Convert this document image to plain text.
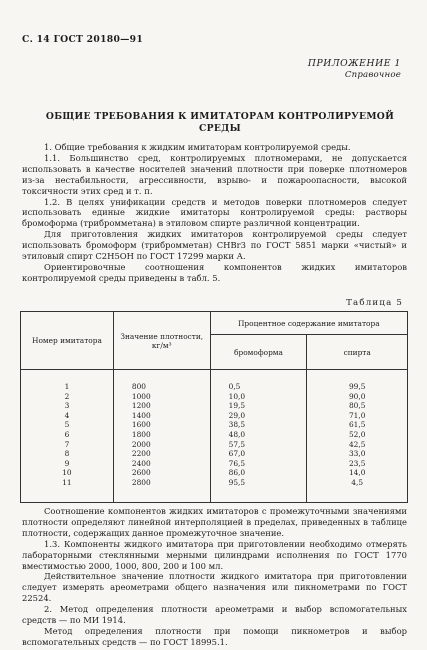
С. 14 ГОСТ 20180—91
ПРИЛОЖЕНИЕ 1
Справочное
ОБЩИЕ ТРЕБОВАНИЯ К ИМИТАТОРАМ КОНТРОЛИРУЕМОЙ
СРЕДЫ

1. Общие требования к жидким имитаторам контролируемой среды.

1.1. Большинство сред, контролируемых плотномерами, не допускается использовать в качестве носителей значений плотности при поверке плотномеров из-за нестабильности, агрессивности, взрыво- и пожароопасности, высокой токсичности этих сред и т. п.

1.2. В целях унификации средств и методов поверки плотномеров следует использовать единые жидкие имитаторы контролируемой среды: растворы бромоформа (трибромметана) в этиловом спирте различной концентрации.

Для приготовления жидких имитаторов контролируемой среды следует использовать бромоформ (трибромметан) CHBr3 по ГОСТ 5851 марки «чистый» и этиловый спирт C2H5OH по ГОСТ 17299 марки А.

Ориентировочные соотношения компонентов жидких имитаторов контролируемой среды приведены в табл. 5.

Таблица 5
Номер имитатора	Значение плотности, кг/м³	Процентное содержание имитатора	
		бромоформа	спирта
1	800	0,5	99,5
2	1000	10,0	90,0
3	1200	19,5	80,5
4	1400	29,0	71,0
5	1600	38,5	61,5
6	1800	48,0	52,0
7	2000	57,5	42,5
8	2200	67,0	33,0
9	2400	76,5	23,5
10	2600	86,0	14,0
11	2800	95,5	4,5

Соотношение компонентов жидких имитаторов с промежуточными значениями плотности определяют линейной интерполяцией в пределах, приведенных в таблице плотности, содержащих данное промежуточное значение.

1.3. Компоненты жидкого имитатора при приготовлении необходимо отмерять лабораторными стеклянными мерными цилиндрами исполнения по ГОСТ 1770 вместимостью 2000, 1000, 800, 200 и 100 мл.

Действительное значение плотности жидкого имитатора при приготовлении следует измерять ареометрами общего назначения или пикнометрами по ГОСТ 22524.

2. Метод определения плотности ареометрами и выбор вспомогательных средств — по МИ 1914.

Метод определения плотности при помощи пикнометров и выбор вспомогательных средств — по ГОСТ 18995.1.
